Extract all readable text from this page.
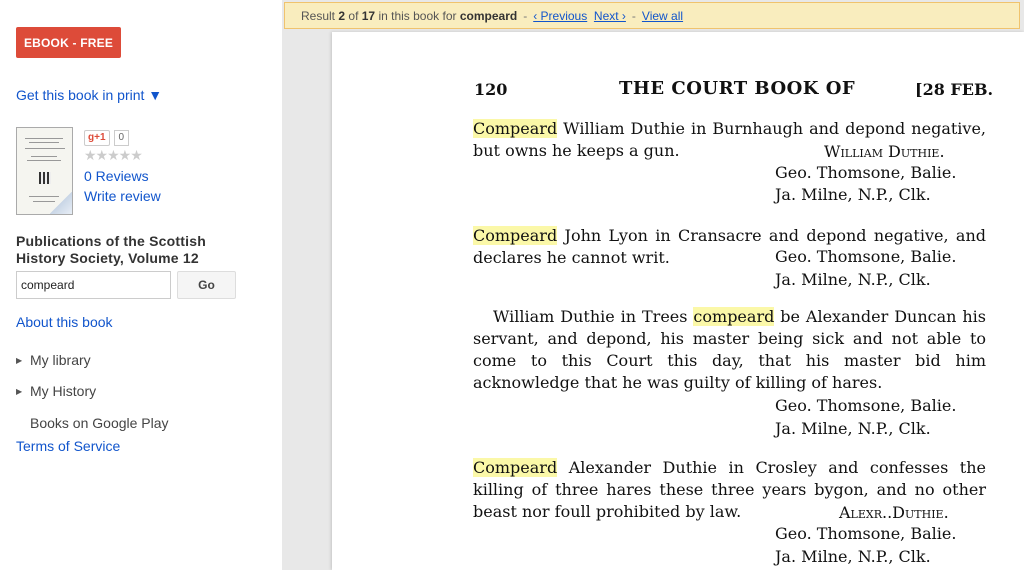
EBOOK - FREE
Get this book in print ▼
g+1	0
★★★★★
0 Reviews
Write review
Publications of the Scottish History Society, Volume 12
compeard
Go
About this book
▶ My library
▶ My History
Books on Google Play
Terms of Service
Result
2
of
17
in this book for
compeard - ‹ Previous
Next › - View all
120	THE COURT BOOK OF	[28 FEB.
Compeard William Duthie in Burnhaugh and depond negative, but owns he keeps a gun.	William Duthie.
Geo. Thomsone, Balie.
Ja. Milne, N.P., Clk.
Compeard John Lyon in Cransacre and depond negative, and declares he cannot writ.	Geo. Thomsone, Balie.
Ja. Milne, N.P., Clk.
William Duthie in Trees compeard be Alexander Duncan his servant, and depond, his master being sick and not able to come to this Court this day, that his master bid him acknowledge that he was guilty of killing of hares.
Geo. Thomsone, Balie.
Ja. Milne, N.P., Clk.
Compeard Alexander Duthie in Crosley and confesses the killing of three hares these three years bygon, and no other beast nor foull prohibited by law.	Alexr..Duthie.
Geo. Thomsone, Balie.
Ja. Milne, N.P., Clk.
